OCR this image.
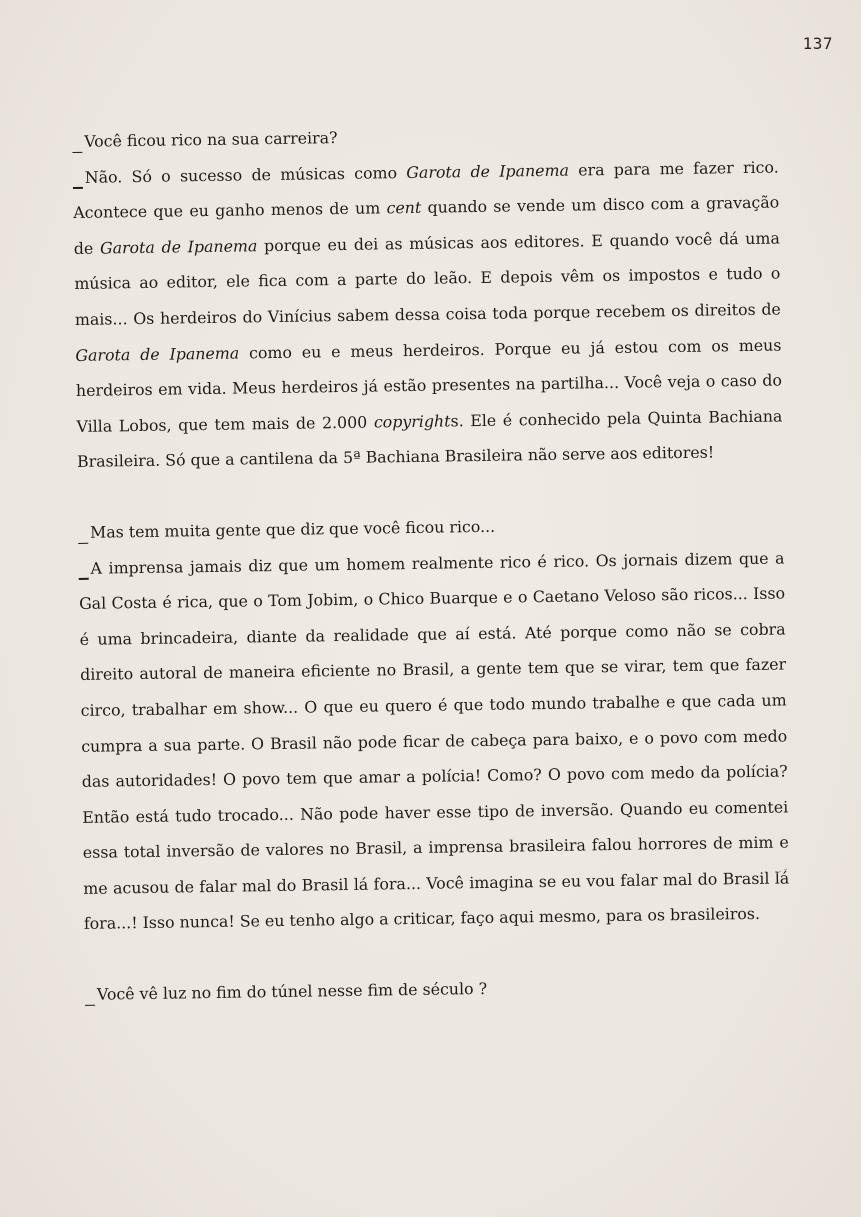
137

Você ficou rico na sua carreira?

Não. Só o sucesso de músicas como Garota de Ipanema era para me fazer rico. Acontece que eu ganho menos de um cent quando se vende um disco com a gravação de Garota de Ipanema porque eu dei as músicas aos editores. E quando você dá uma música ao editor, ele fica com a parte do leão. E depois vêm os impostos e tudo o mais... Os herdeiros do Vinícius sabem dessa coisa toda porque recebem os direitos de Garota de Ipanema como eu e meus herdeiros. Porque eu já estou com os meus herdeiros em vida. Meus herdeiros já estão presentes na partilha... Você veja o caso do Villa Lobos, que tem mais de 2.000 copyrights. Ele é conhecido pela Quinta Bachiana Brasileira. Só que a cantilena da 5ª Bachiana Brasileira não serve aos editores!

Mas tem muita gente que diz que você ficou rico...

A imprensa jamais diz que um homem realmente rico é rico. Os jornais dizem que a Gal Costa é rica, que o Tom Jobim, o Chico Buarque e o Caetano Veloso são ricos... Isso é uma brincadeira, diante da realidade que aí está. Até porque como não se cobra direito autoral de maneira eficiente no Brasil, a gente tem que se virar, tem que fazer circo, trabalhar em show... O que eu quero é que todo mundo trabalhe e que cada um cumpra a sua parte. O Brasil não pode ficar de cabeça para baixo, e o povo com medo das autoridades! O povo tem que amar a polícia! Como? O povo com medo da polícia? Então está tudo trocado... Não pode haver esse tipo de inversão. Quando eu comentei essa total inversão de valores no Brasil, a imprensa brasileira falou horrores de mim e me acusou de falar mal do Brasil lá fora... Você imagina se eu vou falar mal do Brasil lá fora...! Isso nunca! Se eu tenho algo a criticar, faço aqui mesmo, para os brasileiros.

Você vê luz no fim do túnel nesse fim de século ?
